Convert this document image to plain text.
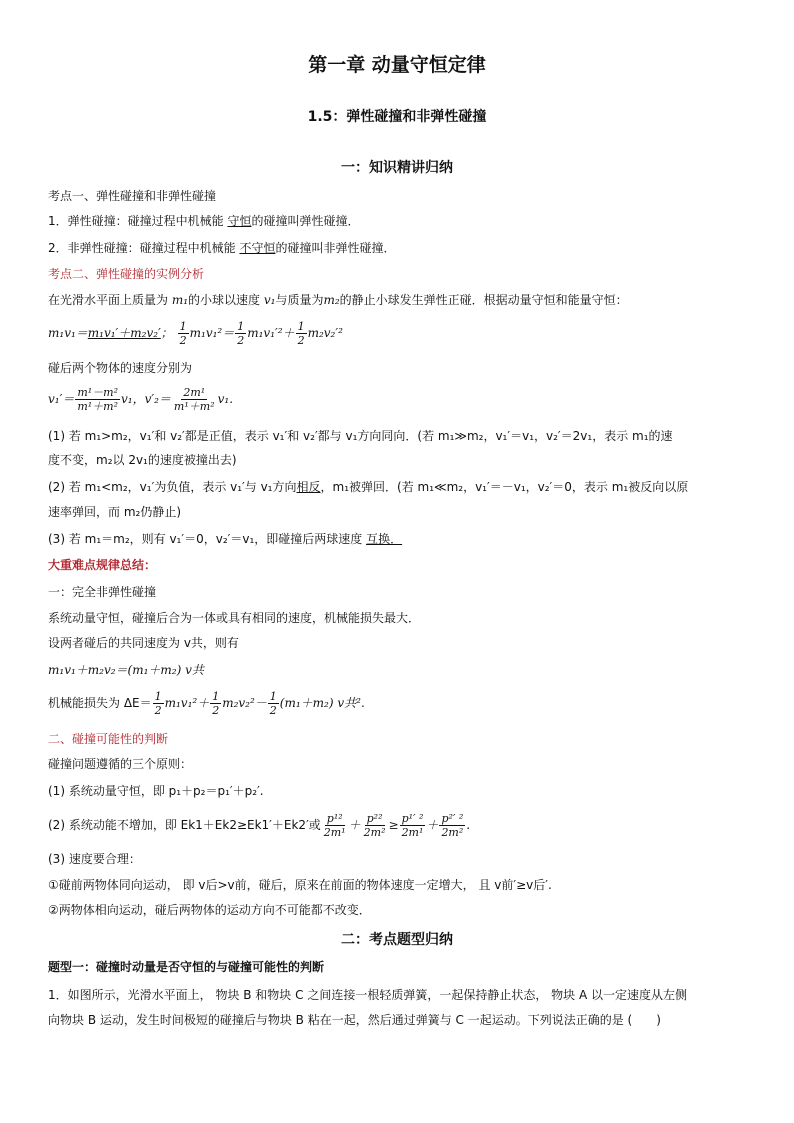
第一章 动量守恒定律
1.5：弹性碰撞和非弹性碰撞
一：知识精讲归纳
考点一、弹性碰撞和非弹性碰撞
1．弹性碰撞：碰撞过程中机械能 守恒的碰撞叫弹性碰撞．
2．非弹性碰撞：碰撞过程中机械能 不守恒的碰撞叫非弹性碰撞．
考点二、弹性碰撞的实例分析
在光滑水平面上质量为 m₁的小球以速度 v₁与质量为m₂的静止小球发生弹性正碰．根据动量守恒和能量守恒：
m₁v₁＝m₁v₁′＋m₂v₂′； $\frac{1}{2} m_1v_1^2= \frac{1}{2} m_1v_1'^2+ \frac{1}{2} m_2v_2'^2$
碰后两个物体的速度分别为
$v_1'= \frac{\text{m¹－m²}}{\text{m¹＋m²}} v_1$，$v'_2= \frac{\text{2m¹}}{\text{m¹＋m²}} v_1$.
(1) 若 m₁>m₂，v₁′和 v₂′都是正值，表示 v₁′和 v₂′都与 v₁方向同向．(若 m₁≫m₂，v₁′＝v₁，v₂′＝2v₁，表示 m₁的速
度不变，m₂以 2v₁的速度被撞出去)
(2) 若 m₁<m₂，v₁′为负值，表示 v₁′与 v₁方向相反，m₁被弹回．(若 m₁≪m₂，v₁′＝－v₁，v₂′＝0，表示 m₁被反向以原
速率弹回，而 m₂仍静止)
(3) 若 m₁＝m₂，则有 v₁′＝0，v₂′＝v₁，即碰撞后两球速度 互换．
大重难点规律总结：
一：完全非弹性碰撞
系统动量守恒，碰撞后合为一体或具有相同的速度，机械能损失最大．
设两者碰后的共同速度为 v共，则有
m₁v₁＋m₂v₂＝(m₁＋m₂) v共
机械能损失为 $\Delta E= \frac{1}{2} m_1v_1^2+ \frac{1}{2} m_2v_2^2- \frac{1}{2} (m_1+m_2)$ v共².
二、碰撞可能性的判断
碰撞问题遵循的三个原则：
(1) 系统动量守恒，即 p₁＋p₂＝p₁′＋p₂′.
(2) 系统动能不增加，即 Ek1＋Ek2≥Ek1′＋Ek2′或 $\frac{\text{p¹²}}{\text{2m¹}} + \frac{\text{p²²}}{\text{2m²}} \ge \frac{\text{p¹′ ²}}{\text{2m¹}} + \frac{\text{p²′ ²}}{\text{2m²}}$ .
(3) 速度要合理：
①碰前两物体同向运动， 即 v后>v前，碰后，原来在前面的物体速度一定增大， 且 v前′≥v后′.
②两物体相向运动，碰后两物体的运动方向不可能都不改变．
二：考点题型归纳
题型一：碰撞时动量是否守恒的与碰撞可能性的判断
1．如图所示，光滑水平面上， 物块 B 和物块 C 之间连接一根轻质弹簧，一起保持静止状态， 物块 A 以一定速度从左侧
向物块 B 运动，发生时间极短的碰撞后与物块 B 粘在一起，然后通过弹簧与 C 一起运动。下列说法正确的是 (　　)
